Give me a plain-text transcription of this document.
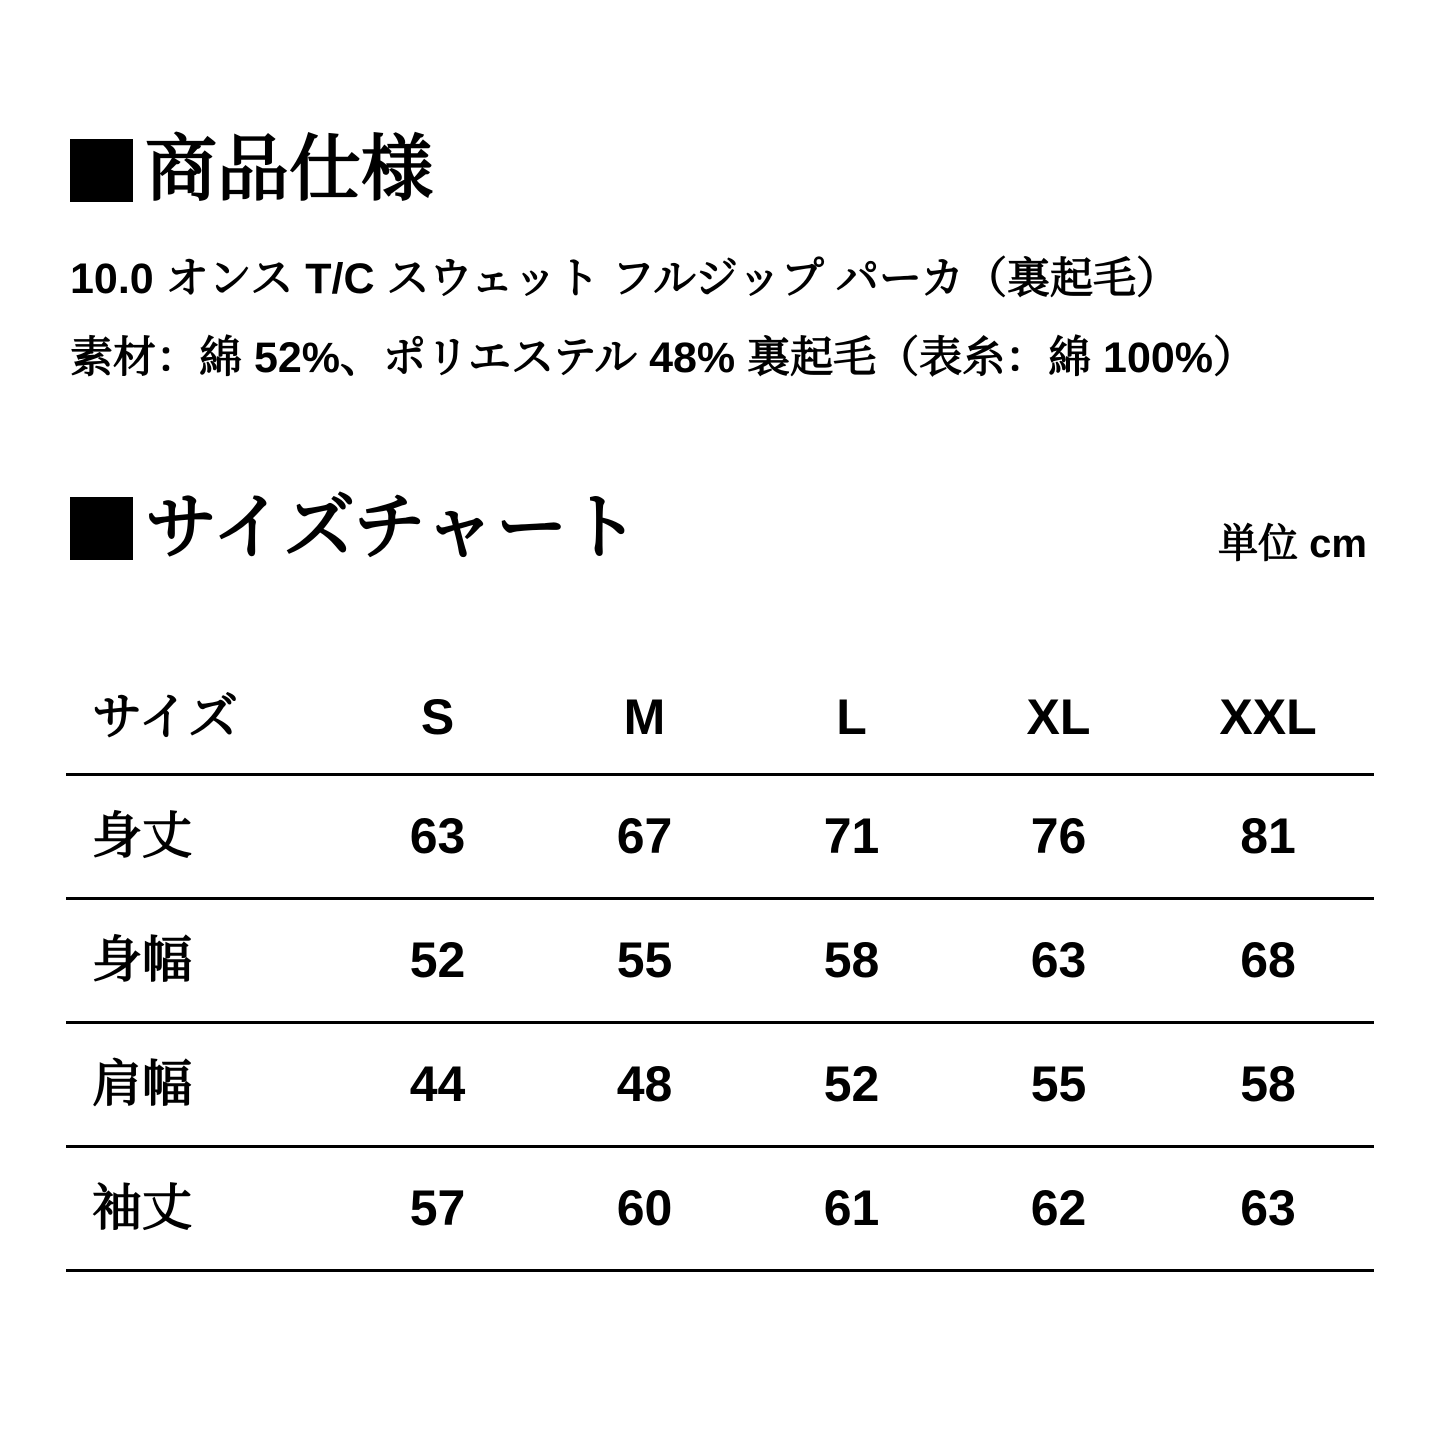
商品仕様
10.0 オンス T/C スウェット フルジップ パーカ（裏起毛）
素材：綿 52%、ポリエステル 48% 裏起毛（表糸：綿 100%）
サイズチャート	単位 cm
サイズ	S	M	L	XL	XXL
身丈	63	67	71	76	81
身幅	52	55	58	63	68
肩幅	44	48	52	55	58
袖丈	57	60	61	62	63
